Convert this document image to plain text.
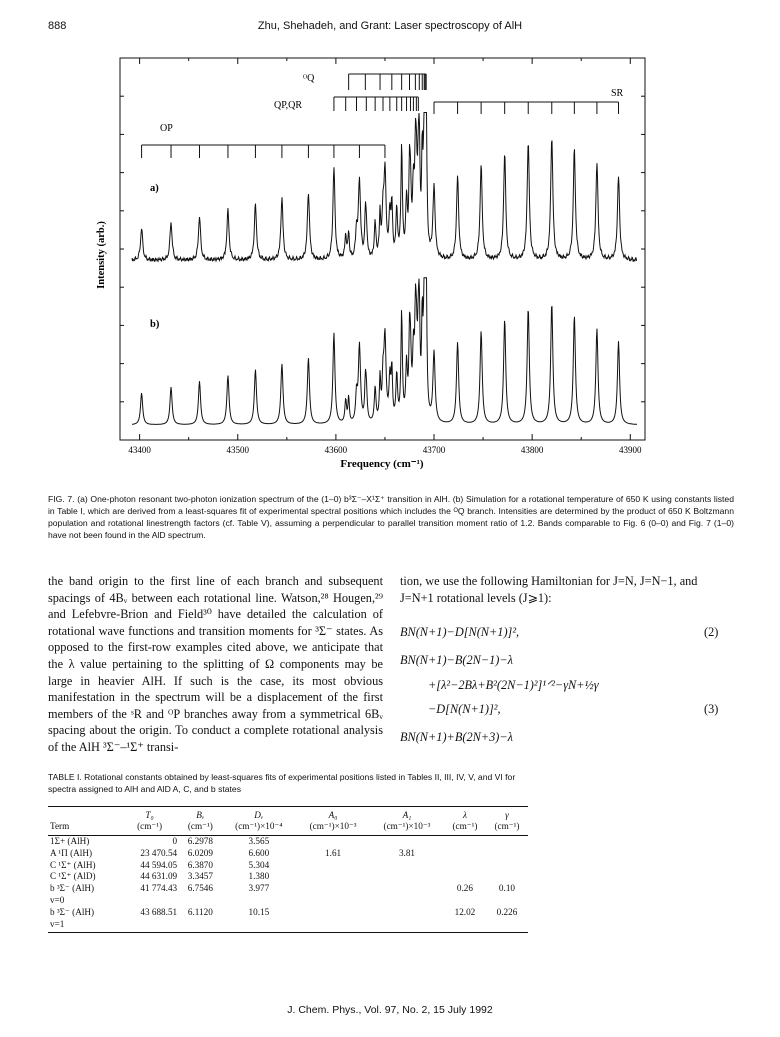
888	Zhu, Shehadeh, and Grant: Laser spectroscopy of AlH
43400	43500	43600	43700	43800	43900
ᴼQ
QP,QR
SR
OP
a)
b)
Intensity (arb.)
Frequency (cm⁻¹)
FIG. 7. (a) One-photon resonant two-photon ionization spectrum of the (1–0) b³Σ⁻–X¹Σ⁺ transition in AlH. (b) Simulation for a rotational temperature of 650 K using constants listed in Table I, which are derived from a least-squares fit of experimental spectral positions which includes the ᴼQ branch. Intensities are determined by the product of 650 K Boltzmann population and rotational linestrength factors (cf. Table V), assuming a perpendicular to parallel transition moment ratio of 1.2. Bands comparable to Fig. 6 (0–0) and Fig. 7 (1–0) have not been found in the AlD spectrum.
the band origin to the first line of each branch and subsequent spacings of 4Bᵥ between each rotational line. Watson,²⁸ Hougen,²⁹ and Lefebvre-Brion and Field³⁰ have detailed the calculation of rotational wave functions and transition moments for ³Σ⁻ states. As opposed to the first-row examples cited above, we anticipate that the λ value pertaining to the splitting of Ω components may be large in heavier AlH. If such is the case, its most obvious manifestation in the spectrum will be a displacement of the first members of the ˢR and ᴼP branches away from a symmetrical 6Bᵥ spacing about the origin. To conduct a complete rotational analysis of the AlH ³Σ⁻–¹Σ⁺ transi-
tion, we use the following Hamiltonian for J=N, J=N−1, and J=N+1 rotational levels (J⩾1):
BN(N+1)−D[N(N+1)]²,	(2)
BN(N+1)−B(2N−1)−λ
+[λ²−2Bλ+B²(2N−1)²]¹ᐟ²−γN+½γ
−D[N(N+1)]²,	(3)
BN(N+1)+B(2N+3)−λ
TABLE I. Rotational constants obtained by least-squares fits of experimental positions listed in Tables II, III, IV, V, and VI for spectra assigned to AlH and AlD A, C, and b states
	T₀	Bᵥ	Dᵥ	A₀	A₁	λ	γ
Term	(cm⁻¹)	(cm⁻¹)	(cm⁻¹)×10⁻⁴	(cm⁻¹)×10⁻³	(cm⁻¹)×10⁻³	(cm⁻¹)	(cm⁻¹)
1Σ+ (AlH)	0	6.2978	3.565				
A ¹Π (AlH)	23 470.54	6.0209	6.600	1.61	3.81		
C ¹Σ⁺ (AlH)	44 594.05	6.3870	5.304				
C ¹Σ⁺ (AlD)	44 631.09	3.3457	1.380				
b ³Σ⁻ (AlH)	41 774.43	6.7546	3.977			0.26	0.10
v=0							
b ³Σ⁻ (AlH)	43 688.51	6.1120	10.15			12.02	0.226
v=1							
J. Chem. Phys., Vol. 97, No. 2, 15 July 1992
